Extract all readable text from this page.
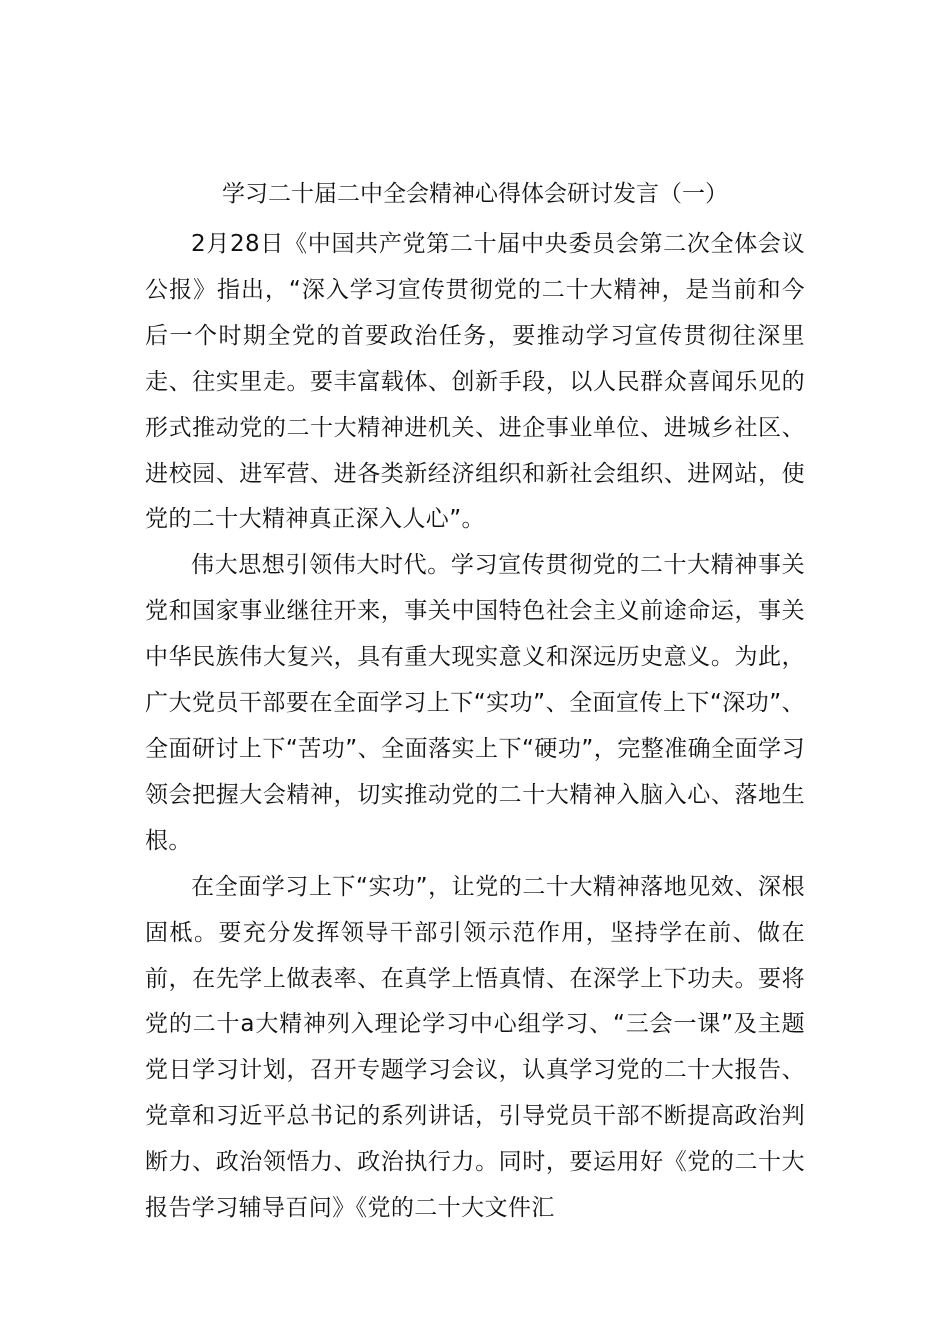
学习二十届二中全会精神心得体会研讨发言（一）

2月28日《中国共产党第二十届中央委员会第二次全体会议公报》指出，“深入学习宣传贯彻党的二十大精神，是当前和今后一个时期全党的首要政治任务，要推动学习宣传贯彻往深里走、往实里走。要丰富载体、创新手段，以人民群众喜闻乐见的形式推动党的二十大精神进机关、进企事业单位、进城乡社区、进校园、进军营、进各类新经济组织和新社会组织、进网站，使党的二十大精神真正深入人心”。

伟大思想引领伟大时代。学习宣传贯彻党的二十大精神事关党和国家事业继往开来，事关中国特色社会主义前途命运，事关中华民族伟大复兴，具有重大现实意义和深远历史意义。为此，广大党员干部要在全面学习上下“实功”、全面宣传上下“深功”、全面研讨上下“苦功”、全面落实上下“硬功”，完整准确全面学习领会把握大会精神，切实推动党的二十大精神入脑入心、落地生根。

在全面学习上下“实功”，让党的二十大精神落地见效、深根固柢。要充分发挥领导干部引领示范作用，坚持学在前、做在前，在先学上做表率、在真学上悟真情、在深学上下功夫。要将党的二十a大精神列入理论学习中心组学习、“三会一课”及主题党日学习计划，召开专题学习会议，认真学习党的二十大报告、党章和习近平总书记的系列讲话，引导党员干部不断提高政治判断力、政治领悟力、政治执行力。同时，要运用好《党的二十大报告学习辅导百问》《党的二十大文件汇
